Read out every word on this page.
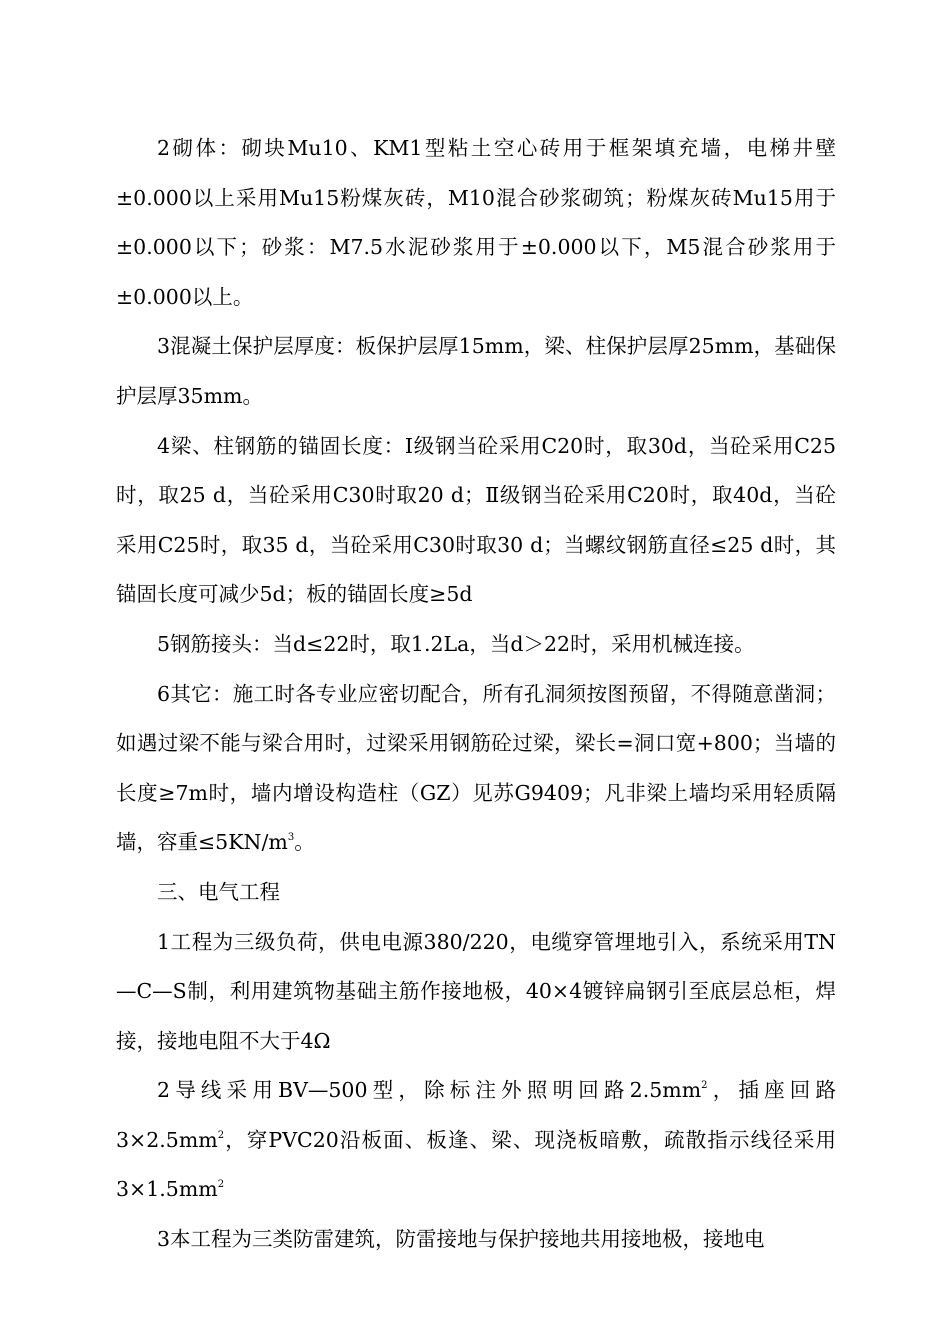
2砌体：砌块Mu10、KM1型粘土空心砖用于框架填充墙，电梯井壁±0.000以上采用Mu15粉煤灰砖，M10混合砂浆砌筑；粉煤灰砖Mu15用于±0.000以下；砂浆：M7.5水泥砂浆用于±0.000以下，M5混合砂浆用于±0.000以上。

3混凝土保护层厚度：板保护层厚15mm，梁、柱保护层厚25mm，基础保护层厚35mm。

4梁、柱钢筋的锚固长度：Ⅰ级钢当砼采用C20时，取30d，当砼采用C25时，取25 d，当砼采用C30时取20 d；Ⅱ级钢当砼采用C20时，取40d，当砼采用C25时，取35 d，当砼采用C30时取30 d；当螺纹钢筋直径≤25 d时，其锚固长度可减少5d；板的锚固长度≥5d

5钢筋接头：当d≤22时，取1.2La，当d＞22时，采用机械连接。

6其它：施工时各专业应密切配合，所有孔洞须按图预留，不得随意凿洞；如遇过梁不能与梁合用时，过梁采用钢筋砼过梁，梁长=洞口宽+800；当墙的长度≥7m时，墙内增设构造柱（GZ）见苏G9409；凡非梁上墙均采用轻质隔墙，容重$\le 5KN/m^3$。

三、电气工程

1工程为三级负荷，供电电源380/220，电缆穿管埋地引入，系统采用TN—C—S制，利用建筑物基础主筋作接地极，40×4镀锌扁钢引至底层总柜，焊接，接地电阻不大于4Ω

2导线采用BV—500型，除标注外照明回路$2.5mm^2$，插座回路$3\times 2.5mm^2$，穿PVC20沿板面、板逢、梁、现浇板暗敷，疏散指示线径采用$3\times 1.5mm^2$

3本工程为三类防雷建筑，防雷接地与保护接地共用接地极，接地电
